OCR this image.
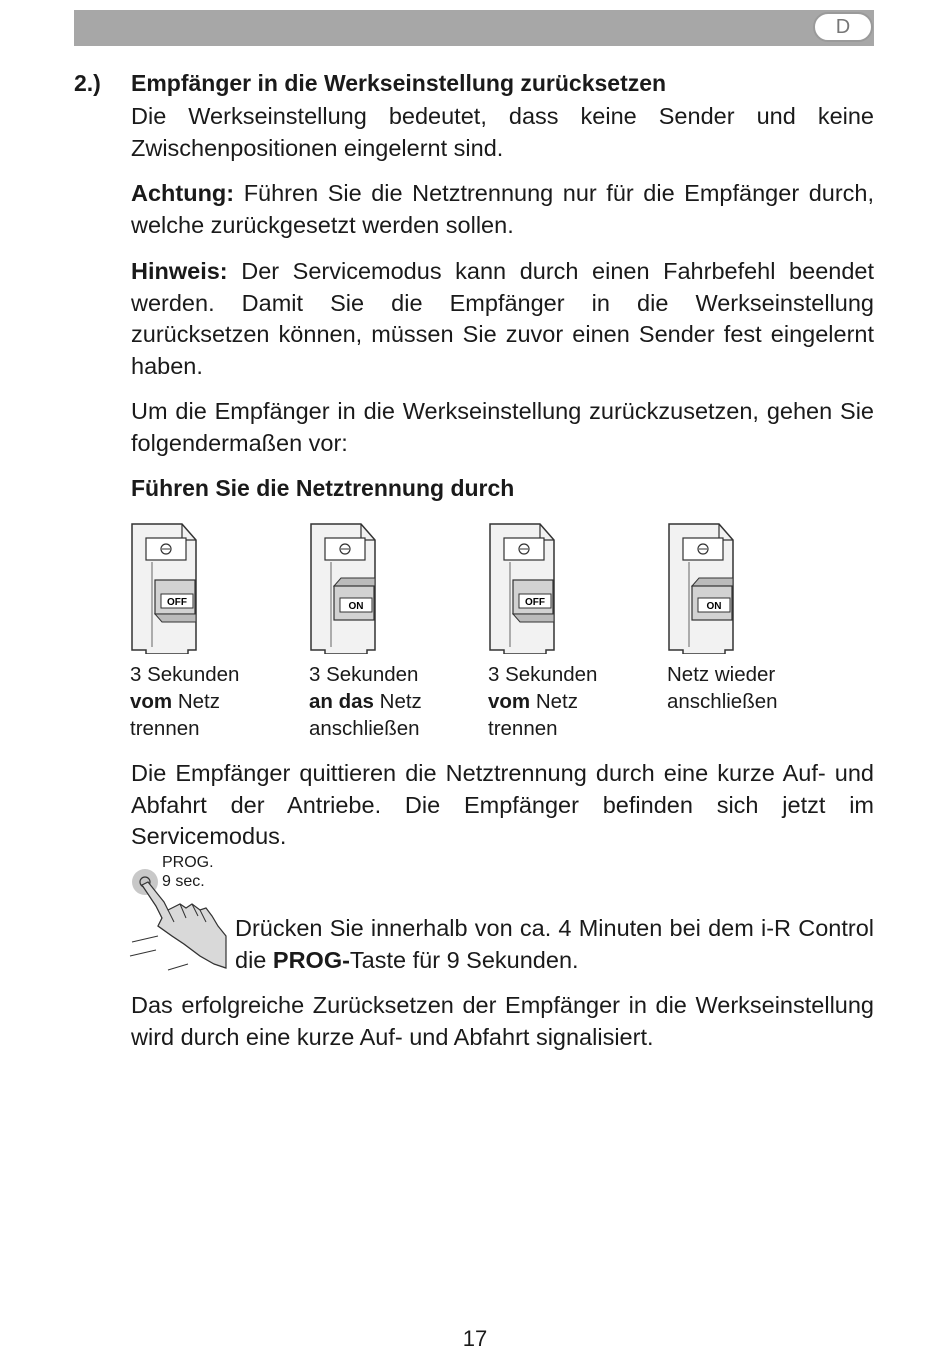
D
2.) Empfänger in die Werkseinstellung zurücksetzen
Die Werkseinstellung bedeutet, dass keine Sender und keine Zwischenpositionen eingelernt sind.
Achtung: Führen Sie die Netztrennung nur für die Empfänger durch, welche zurückgesetzt werden sollen.
Hinweis: Der Servicemodus kann durch einen Fahrbefehl beendet werden. Damit Sie die Empfänger in die Werkseinstellung zurücksetzen können, müssen Sie zuvor einen Sender fest eingelernt haben.
Um die Empfänger in die Werkseinstellung zurückzusetzen, gehen Sie folgendermaßen vor:
Führen Sie die Netztrennung durch
OFF	ON	OFF	ON
3 Sekunden
vom Netz
trennen
3 Sekunden
an das Netz
anschließen
3 Sekunden
vom Netz
trennen
Netz wieder
anschließen
Die Empfänger quittieren die Netztrennung durch eine kurze Auf- und Abfahrt der Antriebe. Die Empfänger befinden sich jetzt im Servicemodus.
PROG.
9 sec.
Drücken Sie innerhalb von ca. 4 Minuten bei dem i-R Control die PROG-Taste für 9 Sekunden.
Das erfolgreiche Zurücksetzen der Empfänger in die Werkseinstellung wird durch eine kurze Auf- und Abfahrt signalisiert.
17
